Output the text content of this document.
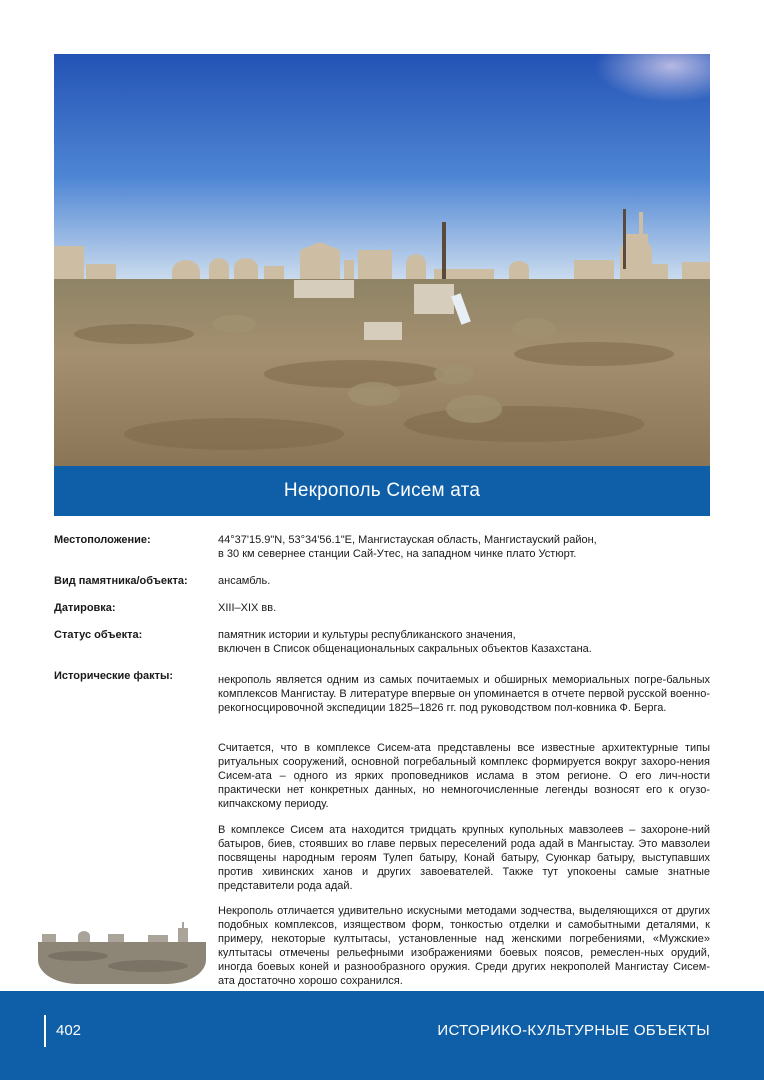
Некрополь Сисем ата
Местоположение:	44°37'15.9"N, 53°34'56.1"E, Мангистауская область, Мангистауский район,
в 30 км севернее станции Сай-Утес, на западном чинке плато Устюрт.
Вид памятника/объекта:	ансамбль.
Датировка:	XIII–XIX вв.
Статус объекта:	памятник истории и культуры республиканского значения,
включен в Список общенациональных сакральных объектов Казахстана.
Исторические факты:	некрополь является одним из самых почитаемых и обширных мемориальных погре-бальных комплексов Мангистау. В литературе впервые он упоминается в отчете первой русской военно-рекогносцировочной экспедиции 1825–1826 гг. под руководством пол-ковника Ф. Берга.

Считается, что в комплексе Сисем-ата представлены все известные архитектурные типы ритуальных сооружений, основной погребальный комплекс формируется вокруг захоро-нения Сисем-ата – одного из ярких проповедников ислама в этом регионе. О его лич-ности практически нет конкретных данных, но немногочисленные легенды вознocят его к огузо-кипчакскому периоду.

В комплексе Сисем ата находится тридцать крупных купольных мавзолеев – захороне-ний батыров, биев, стоявших во главе первых переселений рода адай в Мангыстау. Это мавзолеи посвящены народным героям Тулеп батыру, Конай батыру, Суюнкар батыру, выступавших против хивинских ханов и других завоевателей. Также тут упокоены самые знатные представители рода адай.

Некрополь отличается удивительно искусными методами зодчества, выделяющихся от других подобных комплексов, изяществом форм, тонкостью отделки и самобытными деталями, к примеру, некоторые култытасы, установленные над женскими погребениями, «Мужские» култытасы отмечены рельефными изображениями боевых поясов, ремеслен-ных орудий, иногда боевых коней и разнообразного оружия. Среди других некрополей Мангистау Сисем-ата достаточно хорошо сохранился.

402	ИСТОРИКО-КУЛЬТУРНЫЕ ОБЪЕКТЫ
